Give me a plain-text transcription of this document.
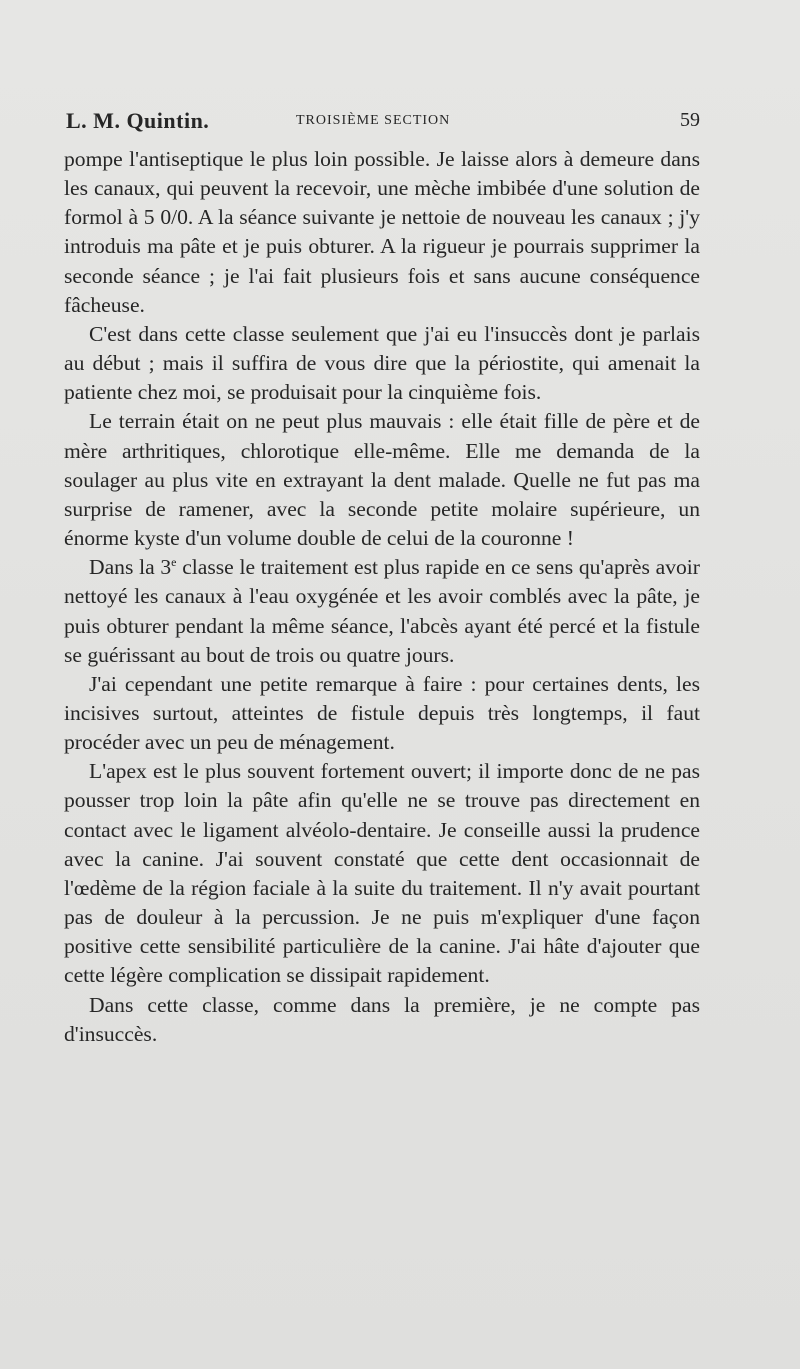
L. M. Quintin.	TROISIÈME SECTION	59

pompe l'antiseptique le plus loin possible. Je laisse alors à demeure dans les canaux, qui peuvent la recevoir, une mèche imbibée d'une solution de formol à 5 0/0. A la séance suivante je nettoie de nouveau les canaux ; j'y introduis ma pâte et je puis obturer. A la rigueur je pourrais supprimer la seconde séance ; je l'ai fait plusieurs fois et sans aucune conséquence fâcheuse.

C'est dans cette classe seulement que j'ai eu l'insuccès dont je parlais au début ; mais il suffira de vous dire que la périostite, qui amenait la patiente chez moi, se produisait pour la cinquième fois.

Le terrain était on ne peut plus mauvais : elle était fille de père et de mère arthritiques, chlorotique elle-même. Elle me demanda de la soulager au plus vite en extrayant la dent malade. Quelle ne fut pas ma surprise de ramener, avec la seconde petite molaire supérieure, un énorme kyste d'un volume double de celui de la couronne !

Dans la 3e classe le traitement est plus rapide en ce sens qu'après avoir nettoyé les canaux à l'eau oxygénée et les avoir comblés avec la pâte, je puis obturer pendant la même séance, l'abcès ayant été percé et la fistule se guérissant au bout de trois ou quatre jours.

J'ai cependant une petite remarque à faire : pour certaines dents, les incisives surtout, atteintes de fistule depuis très longtemps, il faut procéder avec un peu de ménagement.

L'apex est le plus souvent fortement ouvert; il importe donc de ne pas pousser trop loin la pâte afin qu'elle ne se trouve pas directement en contact avec le ligament alvéolo-dentaire. Je conseille aussi la prudence avec la canine. J'ai souvent constaté que cette dent occasionnait de l'œdème de la région faciale à la suite du traitement. Il n'y avait pourtant pas de douleur à la percussion. Je ne puis m'expliquer d'une façon positive cette sensibilité particulière de la canine. J'ai hâte d'ajouter que cette légère complication se dissipait rapidement.

Dans cette classe, comme dans la première, je ne compte pas d'insuccès.
